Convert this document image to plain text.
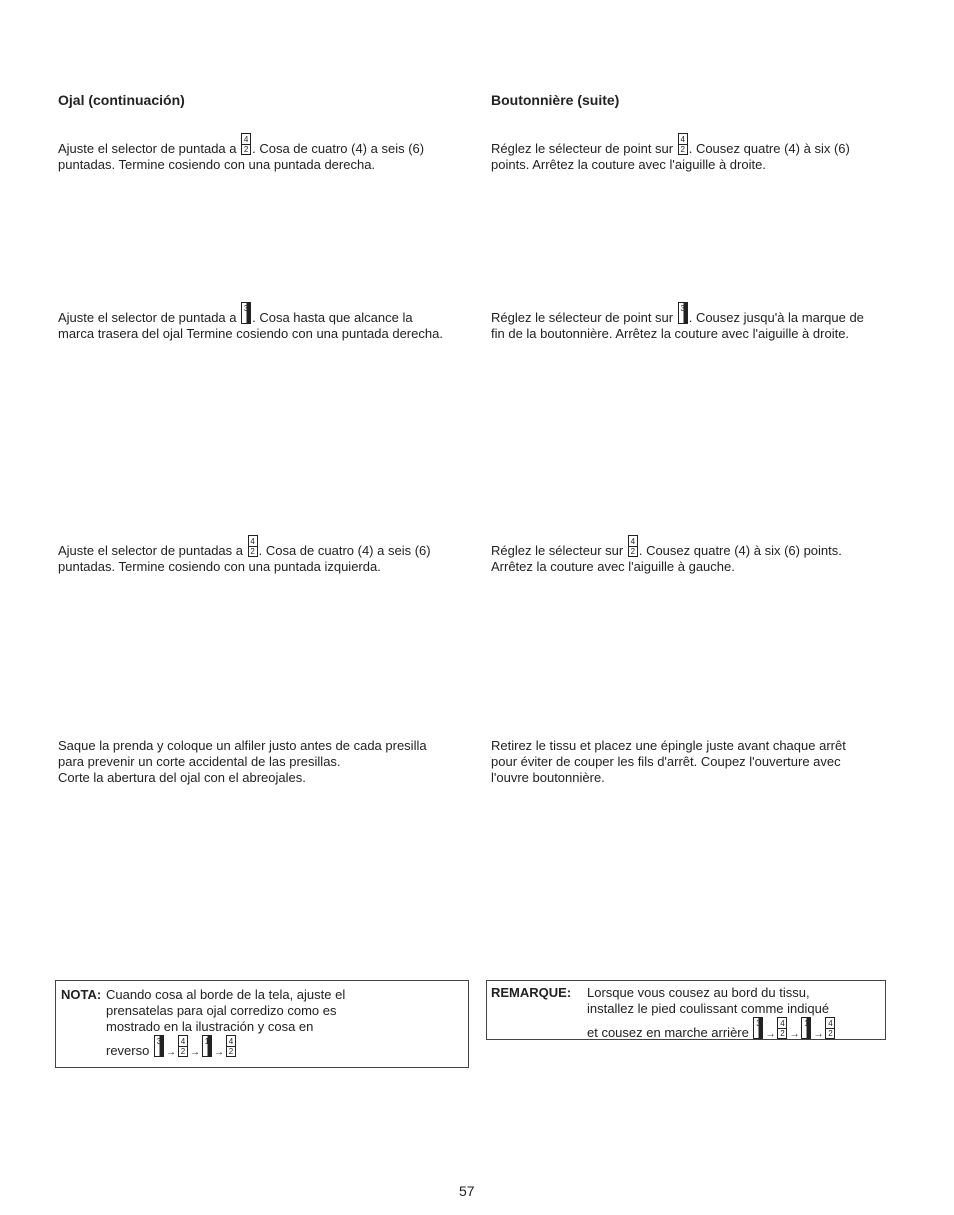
Ojal (continuación)
Ajuste el selector de puntada a $\frac{4}{2}$ . Cosa de cuatro (4) a seis (6)
puntadas. Termine cosiendo con una puntada derecha.
Ajuste el selector de puntada a
3
. Cosa hasta que alcance la
marca trasera del ojal Termine cosiendo con una puntada derecha.
Ajuste el selector de puntadas a $\frac{4}{2}$ . Cosa de cuatro (4) a seis (6)
puntadas. Termine cosiendo con una puntada izquierda.
Saque la prenda y coloque un alfiler justo antes de cada presilla
para prevenir un corte accidental de las presillas.
Corte la abertura del ojal con el abreojales.
NOTA: Cuando cosa al borde de la tela, ajuste el
prensatelas para ojal corredizo como es
mostrado en la ilustración y cosa en
reverso
3
→ $\frac{4}{2}$ →
1
→ $\frac{4}{2}$
Boutonnière (suite)
Réglez le sélecteur de point sur $\frac{4}{2}$ . Cousez quatre (4) à six (6)
points. Arrêtez la couture avec l'aiguille à droite.
Réglez le sélecteur de point sur
3
. Cousez jusqu'à la marque de
fin de la boutonnière. Arrêtez la couture avec l'aiguille à droite.
Réglez le sélecteur sur $\frac{4}{2}$ . Cousez quatre (4) à six (6) points.
Arrêtez la couture avec l'aiguille à gauche.
Retirez le tissu et placez une épingle juste avant chaque arrêt
pour éviter de couper les fils d'arrêt. Coupez l'ouverture avec
l'ouvre boutonnière.
REMARQUE: Lorsque vous cousez au bord du tissu,
installez le pied coulissant comme indiqué
et cousez en marche arrière
3
→ $\frac{4}{2}$ →
1
→ $\frac{4}{2}$
57
